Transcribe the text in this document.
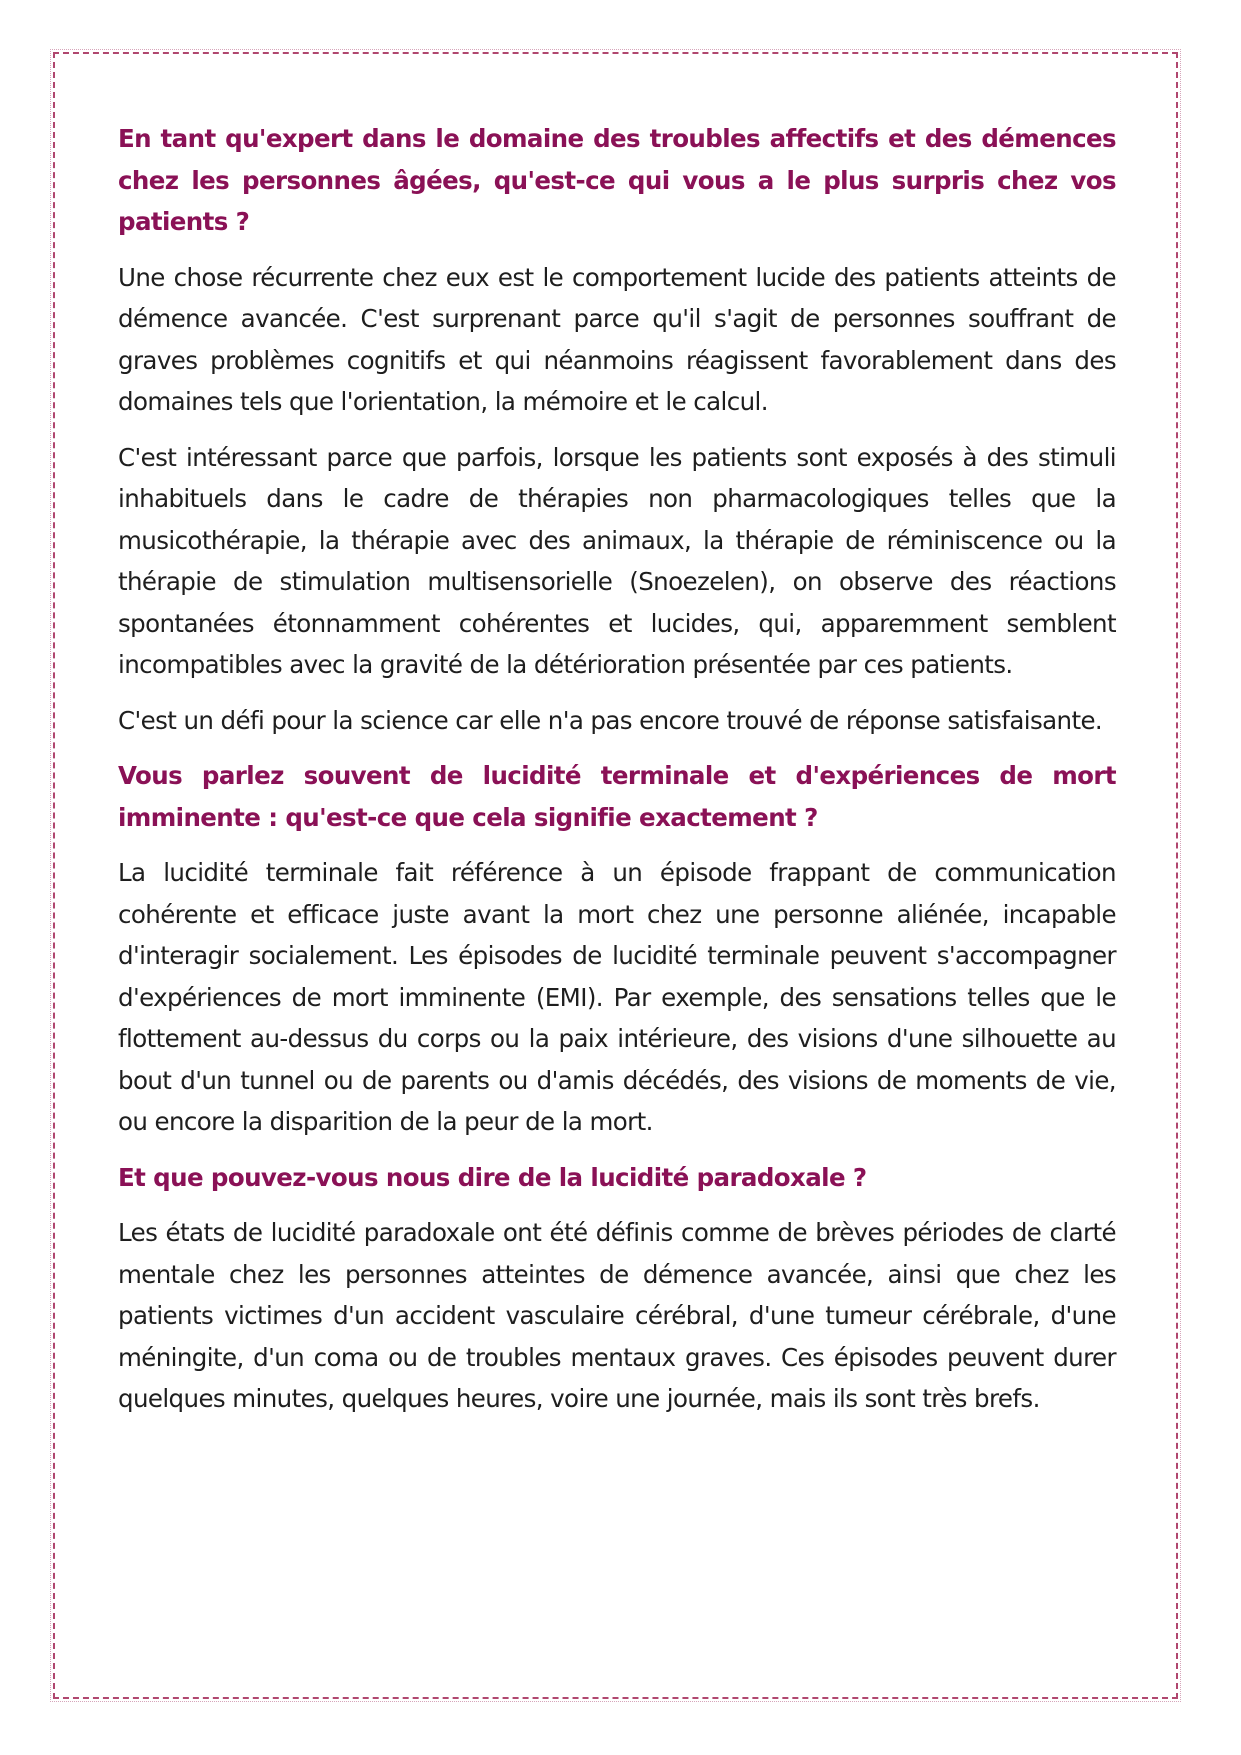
En tant qu'expert dans le domaine des troubles affectifs et des démences chez les personnes âgées, qu'est-ce qui vous a le plus surpris chez vos patients ?

Une chose récurrente chez eux est le comportement lucide des patients atteints de démence avancée. C'est surprenant parce qu'il s'agit de personnes souffrant de graves problèmes cognitifs et qui néanmoins réagissent favorablement dans des domaines tels que l'orientation, la mémoire et le calcul.

C'est intéressant parce que parfois, lorsque les patients sont exposés à des stimuli inhabituels dans le cadre de thérapies non pharmacologiques telles que la musicothérapie, la thérapie avec des animaux, la thérapie de réminiscence ou la thérapie de stimulation multisensorielle (Snoezelen), on observe des réactions spontanées étonnamment cohérentes et lucides, qui, apparemment semblent incompatibles avec la gravité de la détérioration présentée par ces patients.

C'est un défi pour la science car elle n'a pas encore trouvé de réponse satisfaisante.

Vous parlez souvent de lucidité terminale et d'expériences de mort imminente : qu'est-ce que cela signifie exactement ?

La lucidité terminale fait référence à un épisode frappant de communication cohérente et efficace juste avant la mort chez une personne aliénée, incapable d'interagir socialement. Les épisodes de lucidité terminale peuvent s'accompagner d'expériences de mort imminente (EMI). Par exemple, des sensations telles que le flottement au-dessus du corps ou la paix intérieure, des visions d'une silhouette au bout d'un tunnel ou de parents ou d'amis décédés, des visions de moments de vie, ou encore la disparition de la peur de la mort.

Et que pouvez-vous nous dire de la lucidité paradoxale ?

Les états de lucidité paradoxale ont été définis comme de brèves périodes de clarté mentale chez les personnes atteintes de démence avancée, ainsi que chez les patients victimes d'un accident vasculaire cérébral, d'une tumeur cérébrale, d'une méningite, d'un coma ou de troubles mentaux graves. Ces épisodes peuvent durer quelques minutes, quelques heures, voire une journée, mais ils sont très brefs.
